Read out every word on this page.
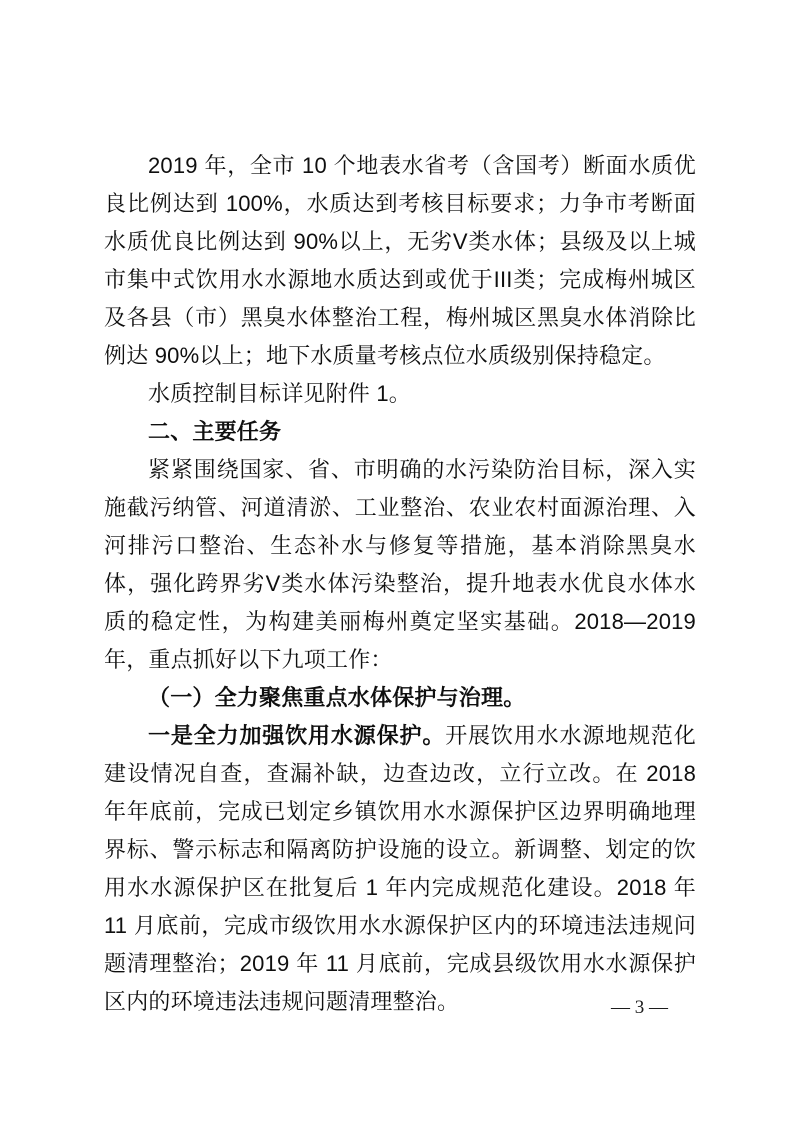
2019 年，全市 10 个地表水省考（含国考）断面水质优良比例达到 100%，水质达到考核目标要求；力争市考断面水质优良比例达到 90%以上，无劣V类水体；县级及以上城市集中式饮用水水源地水质达到或优于III类；完成梅州城区及各县（市）黑臭水体整治工程，梅州城区黑臭水体消除比例达 90%以上；地下水质量考核点位水质级别保持稳定。

水质控制目标详见附件 1。

二、主要任务

紧紧围绕国家、省、市明确的水污染防治目标，深入实施截污纳管、河道清淤、工业整治、农业农村面源治理、入河排污口整治、生态补水与修复等措施，基本消除黑臭水体，强化跨界劣V类水体污染整治，提升地表水优良水体水质的稳定性，为构建美丽梅州奠定坚实基础。2018—2019 年，重点抓好以下九项工作：

（一）全力聚焦重点水体保护与治理。

一是全力加强饮用水源保护。开展饮用水水源地规范化建设情况自查，查漏补缺，边查边改，立行立改。在 2018 年年底前，完成已划定乡镇饮用水水源保护区边界明确地理界标、警示标志和隔离防护设施的设立。新调整、划定的饮用水水源保护区在批复后 1 年内完成规范化建设。2018 年 11 月底前，完成市级饮用水水源保护区内的环境违法违规问题清理整治；2019 年 11 月底前，完成县级饮用水水源保护区内的环境违法违规问题清理整治。	— 3 —
